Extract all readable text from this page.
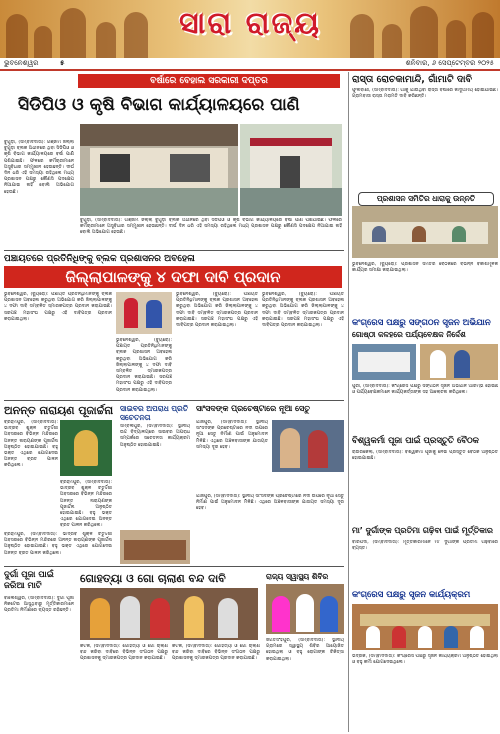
ସାରା ରାଜ୍ୟ
ଭୁବନେଶ୍ୱର	୫	ଶନିବାର, ୬ ସେପ୍ଟେମ୍ବର ୨୦୨୫
ବର୍ଷାରେ ବେହାଲ ସରକାରୀ ଦପ୍ତର
ସିଡିପିଓ ଓ କୃଷି ବିଭାଗ କାର୍ଯ୍ୟାଳୟରେ ପାଣି
ବୁଗୁଡ଼ା, (ସମ୍ବାଦଦାତା): ଗଞ୍ଜାମ ଜିଲ୍ଲା ବୁଗୁଡ଼ା ବ୍ଲକ ଅଧୀନରେ ଥିବା ସିଡିପିଓ ଓ କୃଷି ବିଭାଗ କାର୍ଯ୍ୟାଳୟରେ ବର୍ଷା ପାଣି ପଶିଯାଇଛି। ଫଳରେ କର୍ମଚାରୀମାନେ ଅସୁବିଧାର ସମ୍ମୁଖୀନ ହେଉଛନ୍ତି। ଦୀର୍ଘ ଦିନ ଧରି ଏହି ସମସ୍ୟା ରହିଥିଲେ ମଧ୍ୟ ପ୍ରଶାସନ ପକ୍ଷରୁ କୌଣସି ପଦକ୍ଷେପ ନିଆଯାଇ ନାହିଁ ବୋଲି ଅଭିଯୋଗ ହେଉଛି।
ବୁଗୁଡ଼ା, (ସମ୍ବାଦଦାତା): ଗଞ୍ଜାମ ଜିଲ୍ଲା ବୁଗୁଡ଼ା ବ୍ଲକ ଅଧୀନରେ ଥିବା ସିଡିପିଓ ଓ କୃଷି ବିଭାଗ କାର୍ଯ୍ୟାଳୟରେ ବର୍ଷା ପାଣି ପଶିଯାଇଛି। ଫଳରେ କର୍ମଚାରୀମାନେ ଅସୁବିଧାର ସମ୍ମୁଖୀନ ହେଉଛନ୍ତି। ଦୀର୍ଘ ଦିନ ଧରି ଏହି ସମସ୍ୟା ରହିଥିଲେ ମଧ୍ୟ ପ୍ରଶାସନ ପକ୍ଷରୁ କୌଣସି ପଦକ୍ଷେପ ନିଆଯାଇ ନାହିଁ ବୋଲି ଅଭିଯୋଗ ହେଉଛି।
ପଞ୍ଚାୟତରେ ପ୍ରତିନିଧିଙ୍କୁ ବ୍ଲକ ପ୍ରଶାସନର ଅବହେଳା
ଜିଲ୍ଲାପାଳଙ୍କୁ ୪ ଦଫା ଦାବି ପ୍ରଦାନ
ଭୁବନେଶ୍ୱର, (ବ୍ୟୁରୋ): ପଞ୍ଚାୟତ ପ୍ରତିନିଧିମାନଙ୍କୁ ବ୍ଲକ ପ୍ରଶାସନ ଅବହେଳା କରୁଥିବା ଅଭିଯୋଗ କରି ଜିଲ୍ଲାପାଳଙ୍କୁ ୪ ଦଫା ଦାବି ସମ୍ବଳିତ ସ୍ମାରକପତ୍ର ପ୍ରଦାନ କରାଯାଇଛି। ସରପଞ୍ଚ ମହାସଂଘ ପକ୍ଷରୁ ଏହି ଦାବିପତ୍ର ପ୍ରଦାନ କରାଯାଇଥିଲା।
ଭୁବନେଶ୍ୱର, (ବ୍ୟୁରୋ): ପଞ୍ଚାୟତ ପ୍ରତିନିଧିମାନଙ୍କୁ ବ୍ଲକ ପ୍ରଶାସନ ଅବହେଳା କରୁଥିବା ଅଭିଯୋଗ କରି ଜିଲ୍ଲାପାଳଙ୍କୁ ୪ ଦଫା ଦାବି ସମ୍ବଳିତ ସ୍ମାରକପତ୍ର ପ୍ରଦାନ କରାଯାଇଛି। ସରପଞ୍ଚ ମହାସଂଘ ପକ୍ଷରୁ ଏହି ଦାବିପତ୍ର ପ୍ରଦାନ କରାଯାଇଥିଲା।
ଭୁବନେଶ୍ୱର, (ବ୍ୟୁରୋ): ପଞ୍ଚାୟତ ପ୍ରତିନିଧିମାନଙ୍କୁ ବ୍ଲକ ପ୍ରଶାସନ ଅବହେଳା କରୁଥିବା ଅଭିଯୋଗ କରି ଜିଲ୍ଲାପାଳଙ୍କୁ ୪ ଦଫା ଦାବି ସମ୍ବଳିତ ସ୍ମାରକପତ୍ର ପ୍ରଦାନ କରାଯାଇଛି। ସରପଞ୍ଚ ମହାସଂଘ ପକ୍ଷରୁ ଏହି ଦାବିପତ୍ର ପ୍ରଦାନ କରାଯାଇଥିଲା।
ଭୁବନେଶ୍ୱର, (ବ୍ୟୁରୋ): ପଞ୍ଚାୟତ ପ୍ରତିନିଧିମାନଙ୍କୁ ବ୍ଲକ ପ୍ରଶାସନ ଅବହେଳା କରୁଥିବା ଅଭିଯୋଗ କରି ଜିଲ୍ଲାପାଳଙ୍କୁ ୪ ଦଫା ଦାବି ସମ୍ବଳିତ ସ୍ମାରକପତ୍ର ପ୍ରଦାନ କରାଯାଇଛି। ସରପଞ୍ଚ ମହାସଂଘ ପକ୍ଷରୁ ଏହି ଦାବିପତ୍ର ପ୍ରଦାନ କରାଯାଇଥିଲା।
ଅନନ୍ତ ନାରାୟଣ ପୂଜାର୍ଚ୍ଚନା
ବ୍ରହ୍ମପୁର, (ସମ୍ବାଦଦାତା): ଭାଦ୍ରବ ଶୁକ୍ଳ ଚତୁର୍ଦ୍ଦଶୀ ଅବସରରେ ବିଭିନ୍ନ ମନ୍ଦିରରେ ଅନନ୍ତ ନାରାୟଣଙ୍କ ପୂଜାର୍ଚ୍ଚନା ଅନୁଷ୍ଠିତ ହୋଇଯାଇଛି। ବହୁ ଭକ୍ତ ଏଥିରେ ଯୋଗଦେଇ ଅନନ୍ତ ବ୍ରତ ପାଳନ କରିଥିଲେ।
ବ୍ରହ୍ମପୁର, (ସମ୍ବାଦଦାତା): ଭାଦ୍ରବ ଶୁକ୍ଳ ଚତୁର୍ଦ୍ଦଶୀ ଅବସରରେ ବିଭିନ୍ନ ମନ୍ଦିରରେ ଅନନ୍ତ ନାରାୟଣଙ୍କ ପୂଜାର୍ଚ୍ଚନା ଅନୁଷ୍ଠିତ ହୋଇଯାଇଛି। ବହୁ ଭକ୍ତ ଏଥିରେ ଯୋଗଦେଇ ଅନନ୍ତ ବ୍ରତ ପାଳନ କରିଥିଲେ।
ବ୍ରହ୍ମପୁର, (ସମ୍ବାଦଦାତା): ଭାଦ୍ରବ ଶୁକ୍ଳ ଚତୁର୍ଦ୍ଦଶୀ ଅବସରରେ ବିଭିନ୍ନ ମନ୍ଦିରରେ ଅନନ୍ତ ନାରାୟଣଙ୍କ ପୂଜାର୍ଚ୍ଚନା ଅନୁଷ୍ଠିତ ହୋଇଯାଇଛି। ବହୁ ଭକ୍ତ ଏଥିରେ ଯୋଗଦେଇ ଅନନ୍ତ ବ୍ରତ ପାଳନ କରିଥିଲେ।
ସାଇବର ଅପରାଧ ପ୍ରତି ସଚେତନତା
ସମ୍ବଲପୁର, (ସମ୍ବାଦଦାତା): ସ୍ଥାନୀୟ ଉଚ୍ଚ ବିଦ୍ୟାଳୟରେ ସାଇବର ଅପରାଧ ସମ୍ପର୍କରେ ସଚେତନତା କାର୍ଯ୍ୟକ୍ରମ ଅନୁଷ୍ଠିତ ହୋଇଯାଇଛି।
ସାଂସଦଙ୍କ ପ୍ରଚେଷ୍ଟାରେ ନୂଆ ସେତୁ
ଯାଜପୁର, (ସମ୍ବାଦଦାତା): ସ୍ଥାନୀୟ ସାଂସଦଙ୍କ ପ୍ରଚେଷ୍ଟାରେ ନଦୀ ଉପରେ ନୂଆ ସେତୁ ନିର୍ମାଣ ପାଇଁ ଅନୁମୋଦନ ମିଳିଛି। ଏଥିରେ ଅଞ୍ଚଳବାସୀଙ୍କ ଯାତାୟତ ସମସ୍ୟା ଦୂର ହେବ।
ଯାଜପୁର, (ସମ୍ବାଦଦାତା): ସ୍ଥାନୀୟ ସାଂସଦଙ୍କ ପ୍ରଚେଷ୍ଟାରେ ନଦୀ ଉପରେ ନୂଆ ସେତୁ ନିର୍ମାଣ ପାଇଁ ଅନୁମୋଦନ ମିଳିଛି। ଏଥିରେ ଅଞ୍ଚଳବାସୀଙ୍କ ଯାତାୟତ ସମସ୍ୟା ଦୂର ହେବ।
ଦୁର୍ଗା ପୂଜା ପାଇଁ ଜରିଆ ମାଟି
ବାଲେଶ୍ୱର, (ସମ୍ବାଦଦାତା): ଦୁର୍ଗା ପୂଜା ନିକଟେଇ ଆସୁଥିବାରୁ ମୂର୍ତ୍ତିକାରମାନେ ପ୍ରତିମା ନିର୍ମାଣରେ ବ୍ୟସ୍ତ ରହିଛନ୍ତି।
ଗୋହତ୍ୟା ଓ ଗୋ ଚାଲାଣ ବନ୍ଦ ଦାବି
କଟକ, (ସମ୍ବାଦଦାତା): ଗୋହତ୍ୟା ଓ ଗୋ ଚାଲାଣ ବନ୍ଦ କରିବା ଦାବିରେ ବିଭିନ୍ନ ସଂଗଠନ ପକ୍ଷରୁ ପ୍ରଶାସନକୁ ସ୍ମାରକପତ୍ର ପ୍ରଦାନ କରାଯାଇଛି।
କଟକ, (ସମ୍ବାଦଦାତା): ଗୋହତ୍ୟା ଓ ଗୋ ଚାଲାଣ ବନ୍ଦ କରିବା ଦାବିରେ ବିଭିନ୍ନ ସଂଗଠନ ପକ୍ଷରୁ ପ୍ରଶାସନକୁ ସ୍ମାରକପତ୍ର ପ୍ରଦାନ କରାଯାଇଛି।
ରାଜ୍ୟ ସ୍ୱାସ୍ଥ୍ୟ ଶିବିର
ଜଗତସିଂହପୁର, (ସମ୍ବାଦଦାତା): ସ୍ଥାନୀୟ ଗ୍ରାମରେ ସ୍ୱାସ୍ଥ୍ୟ ଶିବିର ଆୟୋଜିତ ହୋଇଥିଲା ଓ ବହୁ ରୋଗୀଙ୍କ ଚିକିତ୍ସା କରାଯାଇଥିଲା।
ରାସ୍ତା ରୋଚକାମାନ୍ଦି, ଗାଁମାଟି ଦାବି
ଫୁଲବାଣୀ, (ସମ୍ବାଦଦାତା): ଗାଁକୁ ଯାଉଥିବା ରାସ୍ତା ବର୍ଷାରେ କାଦୁଅମୟ ହୋଇଯାଇଛି। ଗ୍ରାମବାସୀ ରାସ୍ତା ମରାମତି ଦାବି କରିଛନ୍ତି।
ପ୍ରଶାସନ ସମିତିର ଧାରାକୁ ଉନ୍ନତି
ଭୁବନେଶ୍ୱର, (ବ୍ୟୁରୋ): ପ୍ରଶାସନ ସମିତିର ବୈଠକରେ ବିଭିନ୍ନ ବିକାଶମୂଳକ କାର୍ଯ୍ୟର ସମୀକ୍ଷା କରାଯାଇଥିଲା।
କଂଗ୍ରେସ ପକ୍ଷରୁ ସଙ୍ଗଠନ ସୃଜନ ଅଭିଯାନ
ଗୋଷ୍ଠୀ କଳହରେ ପର୍ଯ୍ୟବେକ୍ଷକ ନିର୍ଦ୍ଦେଶ
ପୁରୀ, (ସମ୍ବାଦଦାତା): କଂଗ୍ରେସ ପକ୍ଷରୁ ସଙ୍ଗଠନ ସୃଜନ ଅଭିଯାନ ଆରମ୍ଭ ହୋଇଛି ଓ ପର୍ଯ୍ୟବେକ୍ଷକମାନେ କାର୍ଯ୍ୟକର୍ତ୍ତାଙ୍କ ସହ ଆଲୋଚନା କରିଥିଲେ।
ବିଶ୍ୱକର୍ମା ପୂଜା ପାଇଁ ପ୍ରସ୍ତୁତି ବୈଠକ
ରାଉରକେଲା, (ସମ୍ବାଦଦାତା): ବିଶ୍ୱକର୍ମା ପୂଜାକୁ ନେଇ ପ୍ରସ୍ତୁତି ବୈଠକ ଅନୁଷ୍ଠିତ ହୋଇଯାଇଛି।
ମା’ ଦୁର୍ଗାଙ୍କ ପ୍ରତିମା ଗଢ଼ିବା ପାଇଁ ମୂର୍ତ୍ତିକାର
ବାରିପଦା, (ସମ୍ବାଦଦାତା): ମୂର୍ତ୍ତିକାରମାନେ ମା’ ଦୁର୍ଗାଙ୍କ ପ୍ରତିମା ଗଢ଼ିବାରେ ବ୍ୟସ୍ତ।
କଂଗ୍ରେସ ପକ୍ଷରୁ ସୃଜନ କାର୍ଯ୍ୟକ୍ରମ
ଭଦ୍ରକ, (ସମ୍ବାଦଦାତା): କଂଗ୍ରେସ ପକ୍ଷରୁ ସୃଜନ କାର୍ଯ୍ୟକ୍ରମ ଅନୁଷ୍ଠିତ ହୋଇଥିଲା ଓ ବହୁ କର୍ମୀ ଯୋଗଦେଇଥିଲେ।
